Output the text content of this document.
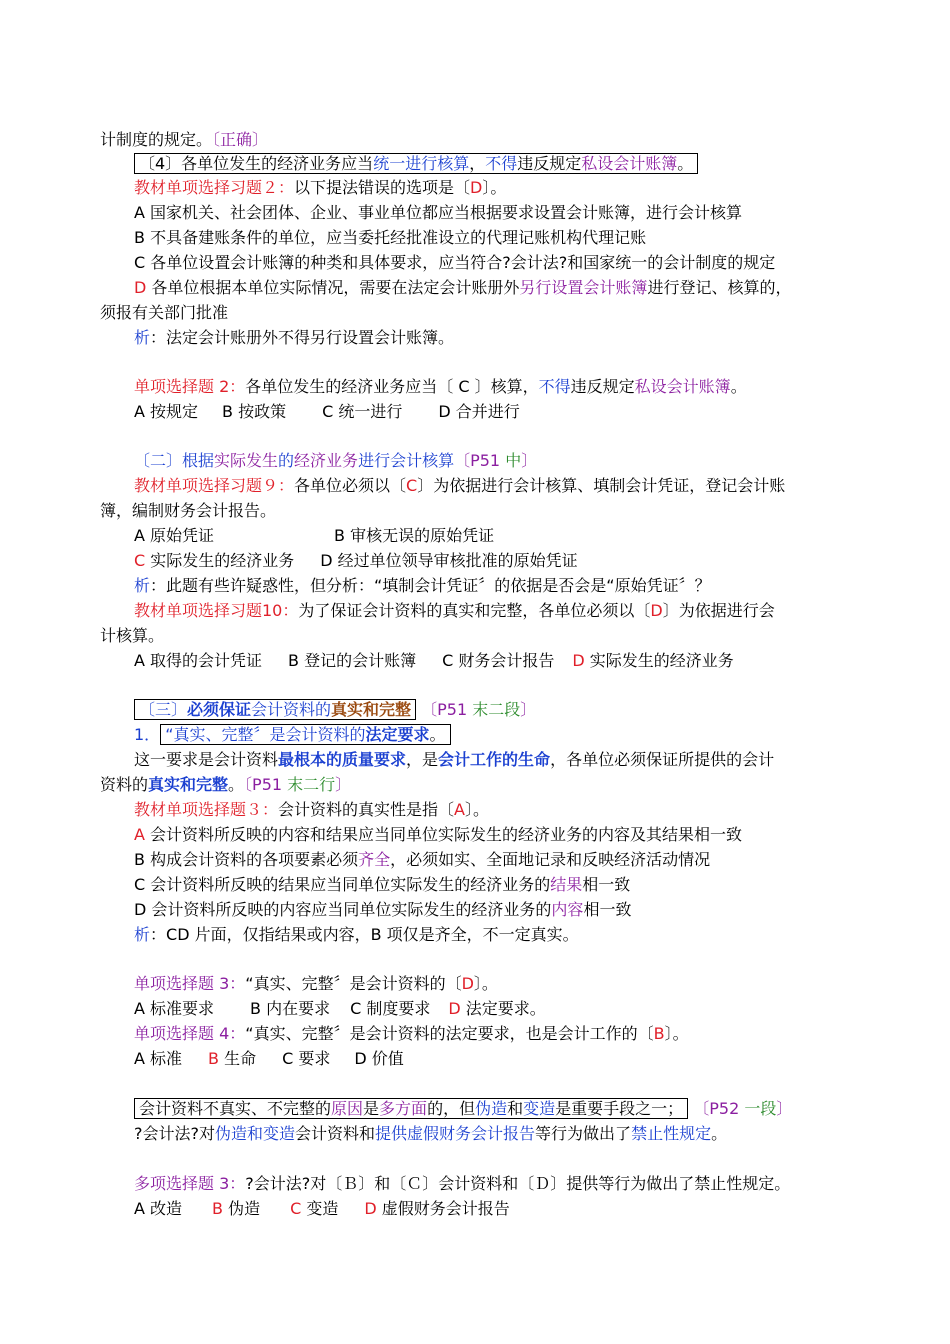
计制度的规定。〔正确〕
〔4〕各单位发生的经济业务应当统一进行核算，不得违反规定私设会计账簿。
教材单项选择习题２：以下提法错误的选项是〔D〕。
A 国家机关、社会团体、企业、事业单位都应当根据要求设置会计账簿，进行会计核算
B 不具备建账条件的单位，应当委托经批准设立的代理记账机构代理记账
C 各单位设置会计账簿的种类和具体要求，应当符合?会计法?和国家统一的会计制度的规定
D 各单位根据本单位实际情况，需要在法定会计账册外另行设置会计账簿进行登记、核算的，
须报有关部门批准
析：法定会计账册外不得另行设置会计账簿。
单项选择题 2：各单位发生的经济业务应当〔 C 〕核算，不得违反规定私设会计账簿。
A 按规定 B 按政策 C 统一进行 D 合并进行
〔二〕根据实际发生的经济业务进行会计核算〔P51 中〕
教材单项选择习题９：各单位必须以〔C〕为依据进行会计核算、填制会计凭证，登记会计账
簿，编制财务会计报告。
A 原始凭证	B 审核无误的原始凭证
C 实际发生的经济业务 D 经过单位领导审核批准的原始凭证
析：此题有些许疑惑性，但分析：“填制会计凭证〞的依据是否会是“原始凭证〞？
教材单项选择习题10：为了保证会计资料的真实和完整，各单位必须以〔D〕为依据进行会
计核算。
A 取得的会计凭证 B 登记的会计账簿 C 财务会计报告 D 实际发生的经济业务
〔三〕必须保证会计资料的真实和完整 〔P51 末二段〕
1． “真实、完整〞是会计资料的法定要求。
这一要求是会计资料最根本的质量要求，是会计工作的生命，各单位必须保证所提供的会计
资料的真实和完整。〔P51 末二行〕
教材单项选择题３：会计资料的真实性是指〔A〕。
A 会计资料所反映的内容和结果应当同单位实际发生的经济业务的内容及其结果相一致
B 构成会计资料的各项要素必须齐全，必须如实、全面地记录和反映经济活动情况
C 会计资料所反映的结果应当同单位实际发生的经济业务的结果相一致
D 会计资料所反映的内容应当同单位实际发生的经济业务的内容相一致
析：CD 片面，仅指结果或内容，B 项仅是齐全，不一定真实。
单项选择题 3：“真实、完整〞是会计资料的〔D〕。
A 标准要求 B 内在要求 C 制度要求 D 法定要求。
单项选择题 4：“真实、完整〞是会计资料的法定要求，也是会计工作的〔B〕。
A 标准 B 生命 C 要求 D 价值
会计资料不真实、不完整的原因是多方面的，但伪造和变造是重要手段之一； 〔P52 一段〕
?会计法?对伪造和变造会计资料和提供虚假财务会计报告等行为做出了禁止性规定。
多项选择题 3：?会计法?对〔Ｂ〕和〔Ｃ〕会计资料和〔Ｄ〕提供等行为做出了禁止性规定。
A 改造 B 伪造 C 变造 D 虚假财务会计报告
